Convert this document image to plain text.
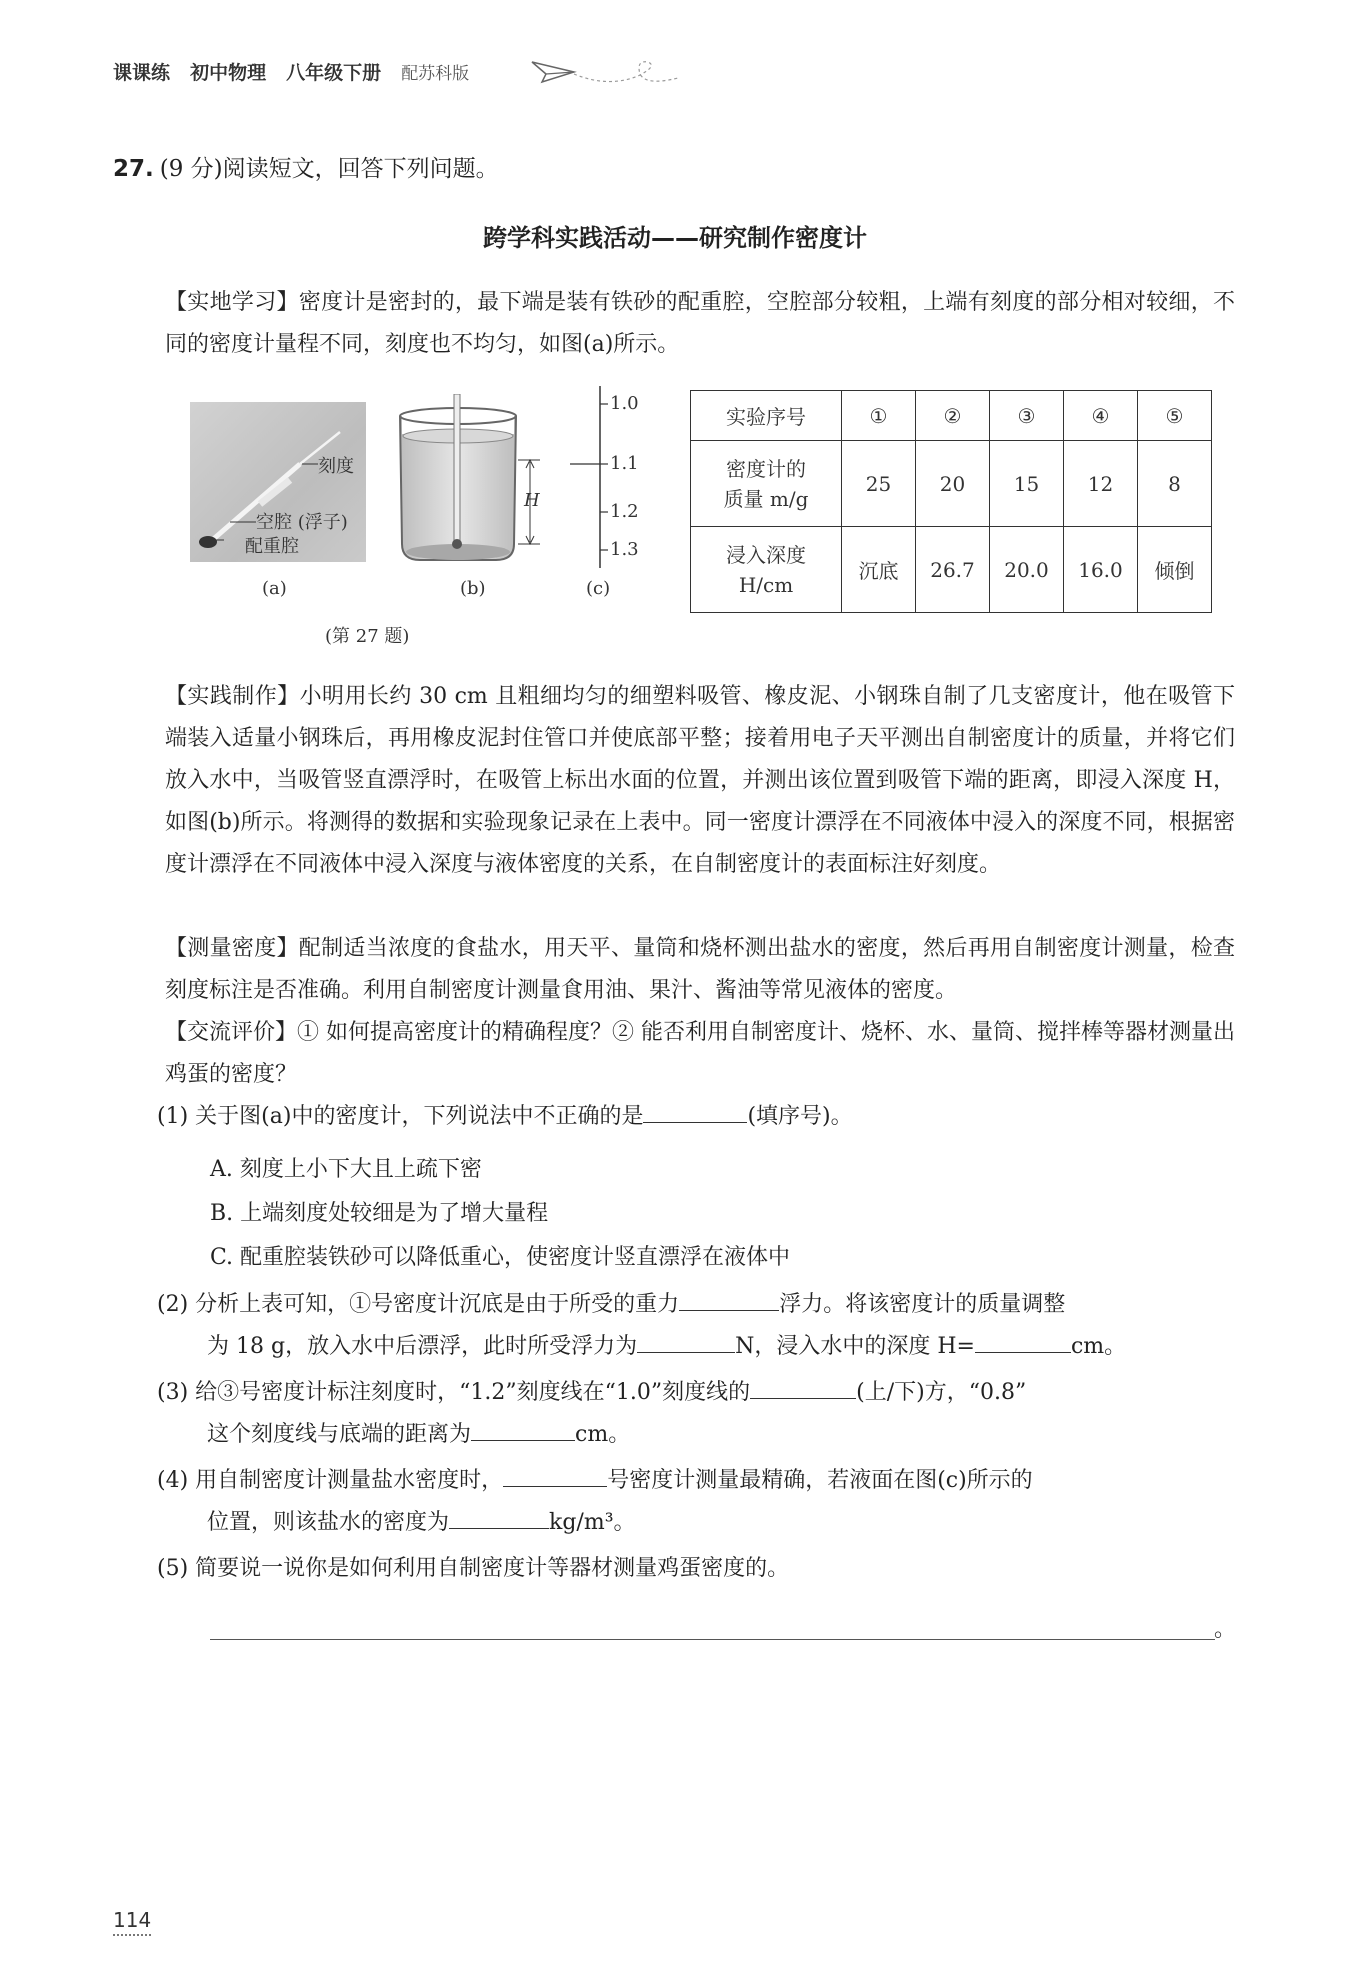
课课练 初中物理 八年级下册 配苏科版
27. (9 分)阅读短文，回答下列问题。
跨学科实践活动——研究制作密度计
【实地学习】密度计是密封的，最下端是装有铁砂的配重腔，空腔部分较粗，上端有刻度的部分相对较细，不同的密度计量程不同，刻度也不均匀，如图(a)所示。
刻度
空腔 (浮子)
配重腔
(a)
H
(b)
1.0
1.1
1.2
1.3
(c)
(第 27 题)
实验序号	①	②	③	④	⑤

密度计的
质量 m/g	25	20	15	12	8

浸入深度
H/cm	沉底	26.7	20.0	16.0	倾倒
【实践制作】小明用长约 30 cm 且粗细均匀的细塑料吸管、橡皮泥、小钢珠自制了几支密度计，他在吸管下端装入适量小钢珠后，再用橡皮泥封住管口并使底部平整；接着用电子天平测出自制密度计的质量，并将它们放入水中，当吸管竖直漂浮时，在吸管上标出水面的位置，并测出该位置到吸管下端的距离，即浸入深度 H，如图(b)所示。将测得的数据和实验现象记录在上表中。同一密度计漂浮在不同液体中浸入的深度不同，根据密度计漂浮在不同液体中浸入深度与液体密度的关系，在自制密度计的表面标注好刻度。
【测量密度】配制适当浓度的食盐水，用天平、量筒和烧杯测出盐水的密度，然后再用自制密度计测量，检查刻度标注是否准确。利用自制密度计测量食用油、果汁、酱油等常见液体的密度。
【交流评价】① 如何提高密度计的精确程度？② 能否利用自制密度计、烧杯、水、量筒、搅拌棒等器材测量出鸡蛋的密度？
(1) 关于图(a)中的密度计，下列说法中不正确的是	(填序号)。
A. 刻度上小下大且上疏下密
B. 上端刻度处较细是为了增大量程
C. 配重腔装铁砂可以降低重心，使密度计竖直漂浮在液体中
(2) 分析上表可知，①号密度计沉底是由于所受的重力	浮力。将该密度计的质量调整
为 18 g，放入水中后漂浮，此时所受浮力为	N，浸入水中的深度 H=	cm。
(3) 给③号密度计标注刻度时，“1.2”刻度线在“1.0”刻度线的	(上/下)方，“0.8”
这个刻度线与底端的距离为	cm。
(4) 用自制密度计测量盐水密度时，	号密度计测量最精确，若液面在图(c)所示的
位置，则该盐水的密度为	kg/m³。
(5) 简要说一说你是如何利用自制密度计等器材测量鸡蛋密度的。
。
114
